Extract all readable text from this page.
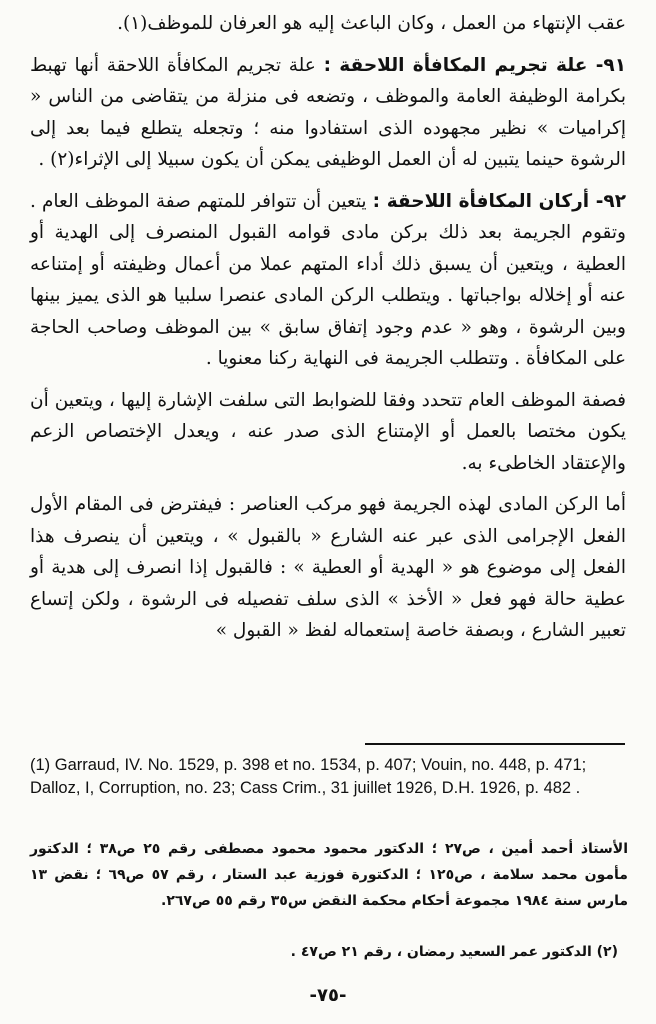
عقب الإنتهاء من العمل ، وكان الباعث إليه هو العرفان للموظف(١).

٩١- علة تجريم المكافأة اللاحقة : علة تجريم المكافأة اللاحقة أنها تهبط بكرامة الوظيفة العامة والموظف ، وتضعه فى منزلة من يتقاضى من الناس « إكراميات » نظير مجهوده الذى استفادوا منه ؛ وتجعله يتطلع فيما بعد إلى الرشوة حينما يتبين له أن العمل الوظيفى يمكن أن يكون سبيلا إلى الإثراء(٢) .

٩٢- أركان المكافأة اللاحقة : يتعين أن تتوافر للمتهم صفة الموظف العام . وتقوم الجريمة بعد ذلك بركن مادى قوامه القبول المنصرف إلى الهدية أو العطية ، ويتعين أن يسبق ذلك أداء المتهم عملا من أعمال وظيفته أو إمتناعه عنه أو إخلاله بواجباتها . ويتطلب الركن المادى عنصرا سلبيا هو الذى يميز بينها وبين الرشوة ، وهو « عدم وجود إتفاق سابق » بين الموظف وصاحب الحاجة على المكافأة . وتتطلب الجريمة فى النهاية ركنا معنويا .

فصفة الموظف العام تتحدد وفقا للضوابط التى سلفت الإشارة إليها ، ويتعين أن يكون مختصا بالعمل أو الإمتناع الذى صدر عنه ، ويعدل الإختصاص الزعم والإعتقاد الخاطىء به.

أما الركن المادى لهذه الجريمة فهو مركب العناصر : فيفترض فى المقام الأول الفعل الإجرامى الذى عبر عنه الشارع « بالقبول » ، ويتعين أن ينصرف هذا الفعل إلى موضوع هو « الهدية أو العطية » : فالقبول إذا انصرف إلى هدية أو عطية حالة فهو فعل « الأخذ » الذى سلف تفصيله فى الرشوة ، ولكن إتساع تعبير الشارع ، وبصفة خاصة إستعماله لفظ « القبول »

(1) Garraud, IV. No. 1529, p. 398 et no. 1534, p. 407; Vouin, no. 448, p. 471; Dalloz, I, Corruption, no. 23; Cass Crim., 31 juillet 1926, D.H. 1926, p. 482 .

الأستاذ أحمد أمين ، ص٢٧ ؛ الدكتور محمود محمود مصطفى رقم ٢٥ ص٣٨ ؛ الدكتور مأمون محمد سلامة ، ص١٢٥ ؛ الدكتورة فوزية عبد الستار ، رقم ٥٧ ص٦٩ ؛ نقض ١٣ مارس سنة ١٩٨٤ مجموعة أحكام محكمة النقض س٣٥ رقم ٥٥ ص٢٦٧.

(٢) الدكتور عمر السعيد رمضان ، رقم ٢١ ص٤٧ .

-٧٥-
